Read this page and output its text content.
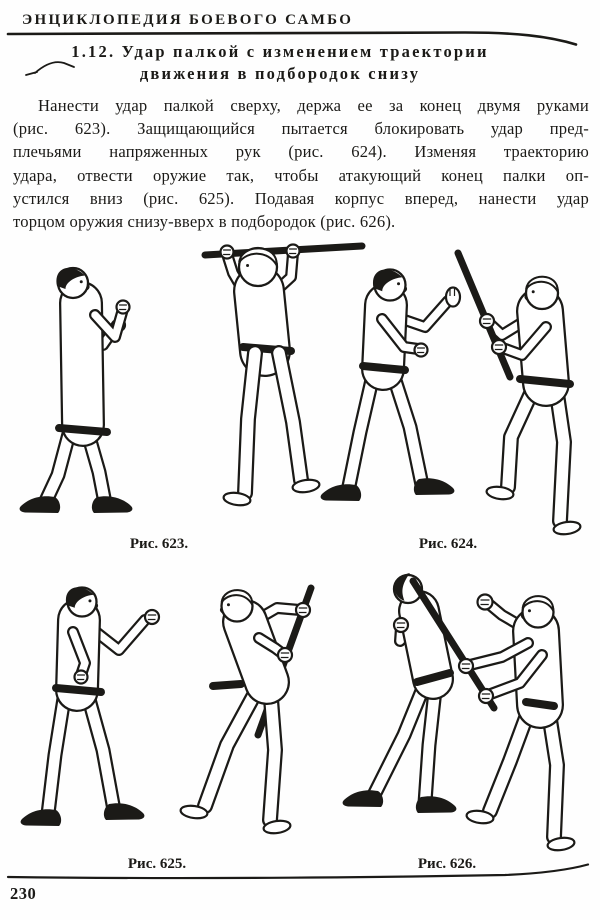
ЭНЦИКЛОПЕДИЯ БОЕВОГО САМБО
1.12. Удар палкой с изменением траектории
движения в подбородок снизу
Нанести удар палкой сверху, держа ее за конец двумя руками
(рис. 623). Защищающийся пытается блокировать удар пред-
плечьями напряженных рук (рис. 624). Изменяя траекторию
удара, отвести оружие так, чтобы атакующий конец палки оп-
устился вниз (рис. 625). Подавая корпус вперед, нанести удар
торцом оружия снизу-вверх в подбородок (рис. 626).
Рис. 623.	Рис. 624.
Рис. 625.	Рис. 626.
230
